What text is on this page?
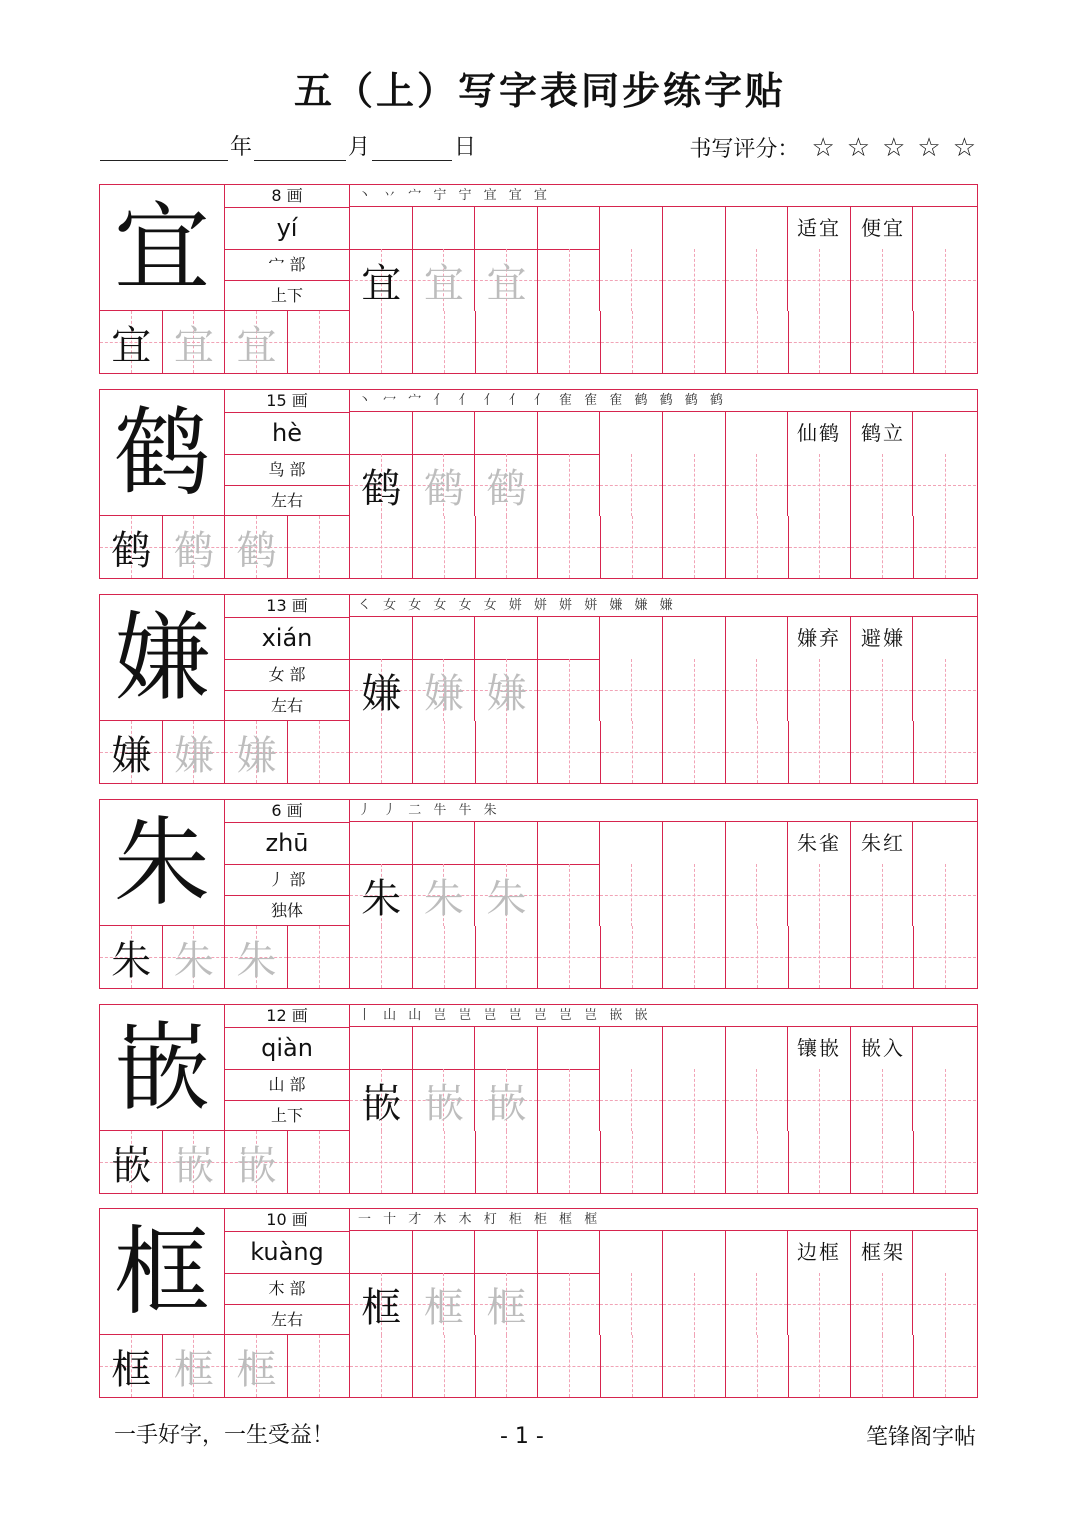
五（上）写字表同步练字贴
年	月	日	书写评分： ☆ ☆ ☆ ☆ ☆
宜	8 画
yí
宀 部
上下
丶 丷 宀 宁 宁 宜 宜 宜
适宜 便宜
宜 宜 宜
宜 宜 宜
鹤	15 画
hè
鸟 部
左右
丶 冖 宀 亻 亻 亻 亻 亻 隺 隺 隺 鹤 鹤 鹤 鹤
仙鹤 鹤立
鹤 鹤 鹤
鹤 鹤 鹤
嫌	13 画
xián
女 部
左右
㇛ 女 女 女 女 女 姘 姘 姘 姘 嫌 嫌 嫌
嫌弃 避嫌
嫌 嫌 嫌
嫌 嫌 嫌
朱	6 画
zhū
丿 部
独体
丿 丿 二 牛 牛 朱
朱雀 朱红
朱 朱 朱
朱 朱 朱
嵌	12 画
qiàn
山 部
上下
丨 山 山 岂 岂 岂 岂 岂 岂 岂 嵌 嵌
镶嵌 嵌入
嵌 嵌 嵌
嵌 嵌 嵌
框	10 画
kuàng
木 部
左右
一 十 才 木 木 朾 柜 柜 框 框
边框 框架
框 框 框
框 框 框
一手好字，一生受益！	- 1 -	笔锋阁字帖
